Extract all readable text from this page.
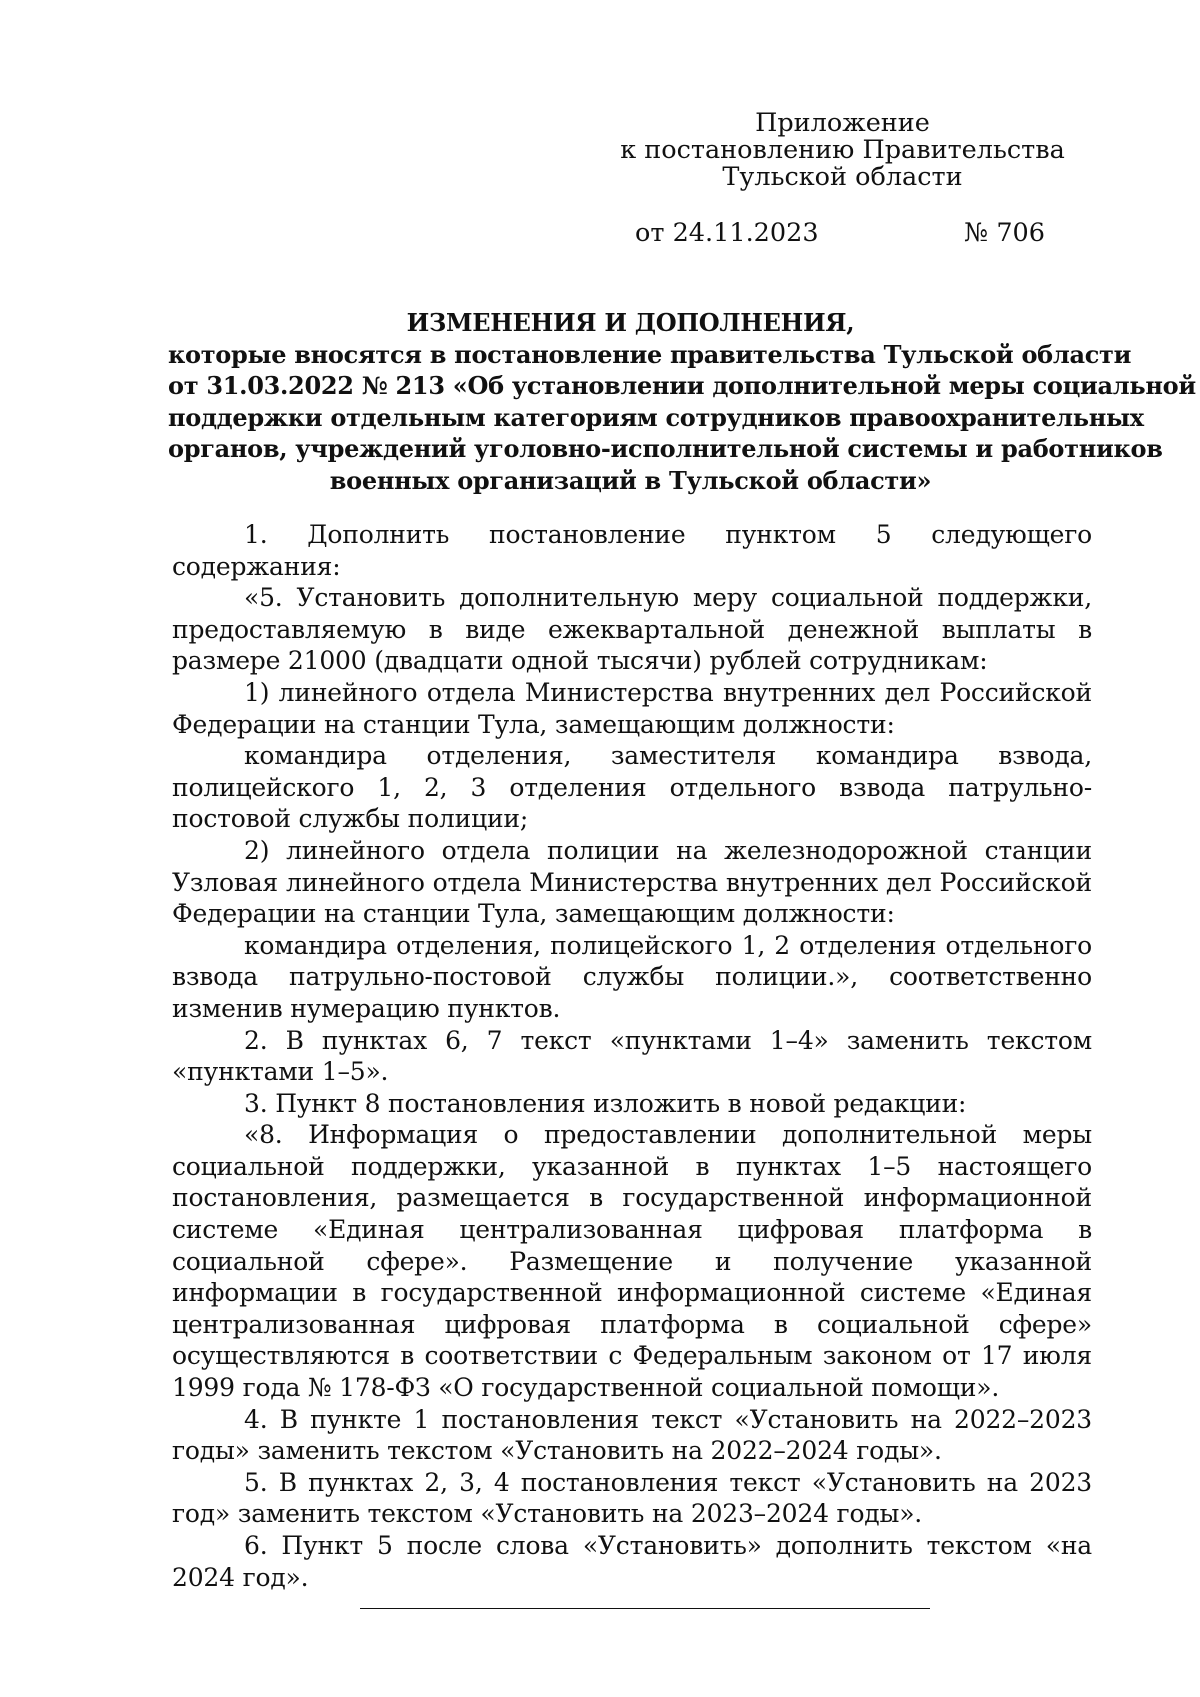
Приложение
к постановлению Правительства
Тульской области
от 24.11.2023	№ 706
ИЗМЕНЕНИЯ И ДОПОЛНЕНИЯ,
которые вносятся в постановление правительства Тульской области
от 31.03.2022 № 213 «Об установлении дополнительной меры социальной
поддержки отдельным категориям сотрудников правоохранительных
органов, учреждений уголовно-исполнительной системы и работников
военных организаций в Тульской области»

1. Дополнить постановление пунктом 5 следующего содержания:

«5. Установить дополнительную меру социальной поддержки, предоставляемую в виде ежеквартальной денежной выплаты в размере 21000 (двадцати одной тысячи) рублей сотрудникам:

1) линейного отдела Министерства внутренних дел Российской Федерации на станции Тула, замещающим должности:

командира отделения, заместителя командира взвода, полицейского 1, 2, 3 отделения отдельного взвода патрульно-постовой службы полиции;

2) линейного отдела полиции на железнодорожной станции Узловая линейного отдела Министерства внутренних дел Российской Федерации на станции Тула, замещающим должности:

командира отделения, полицейского 1, 2 отделения отдельного взвода патрульно-постовой службы полиции.», соответственно изменив нумерацию пунктов.

2. В пунктах 6, 7 текст «пунктами 1–4» заменить текстом «пунктами 1–5».

3. Пункт 8 постановления изложить в новой редакции:

«8. Информация о предоставлении дополнительной меры социальной поддержки, указанной в пунктах 1–5 настоящего постановления, размещается в государственной информационной системе «Единая централизованная цифровая платформа в социальной сфере». Размещение и получение указанной информации в государственной информационной системе «Единая централизованная цифровая платформа в социальной сфере» осуществляются в соответствии с Федеральным законом от 17 июля 1999 года № 178-ФЗ «О государственной социальной помощи».

4. В пункте 1 постановления текст «Установить на 2022–2023 годы» заменить текстом «Установить на 2022–2024 годы».

5. В пунктах 2, 3, 4 постановления текст «Установить на 2023 год» заменить текстом «Установить на 2023–2024 годы».

6. Пункт 5 после слова «Установить» дополнить текстом «на 2024 год».
